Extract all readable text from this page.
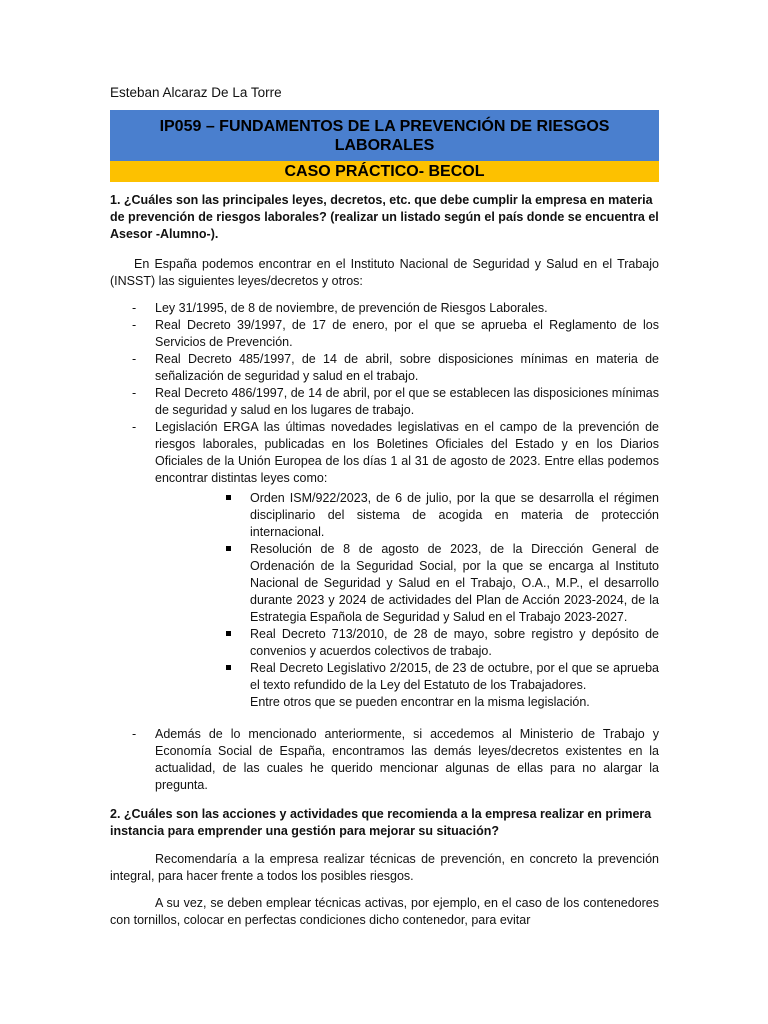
Esteban Alcaraz De La Torre
IP059 – FUNDAMENTOS DE LA PREVENCIÓN DE RIESGOS LABORALES
CASO PRÁCTICO- BECOL

1. ¿Cuáles son las principales leyes, decretos, etc. que debe cumplir la empresa en materia de prevención de riesgos laborales? (realizar un listado según el país donde se encuentra el Asesor -Alumno-).

En España podemos encontrar en el Instituto Nacional de Seguridad y Salud en el Trabajo (INSST) las siguientes leyes/decretos y otros:

- Ley 31/1995, de 8 de noviembre, de prevención de Riesgos Laborales.
- Real Decreto 39/1997, de 17 de enero, por el que se aprueba el Reglamento de los Servicios de Prevención.
- Real Decreto 485/1997, de 14 de abril, sobre disposiciones mínimas en materia de señalización de seguridad y salud en el trabajo.
- Real Decreto 486/1997, de 14 de abril, por el que se establecen las disposiciones mínimas de seguridad y salud en los lugares de trabajo.
- Legislación ERGA las últimas novedades legislativas en el campo de la prevención de riesgos laborales, publicadas en los Boletines Oficiales del Estado y en los Diarios Oficiales de la Unión Europea de los días 1 al 31 de agosto de 2023. Entre ellas podemos encontrar distintas leyes como:
Orden ISM/922/2023, de 6 de julio, por la que se desarrolla el régimen disciplinario del sistema de acogida en materia de protección internacional.
Resolución de 8 de agosto de 2023, de la Dirección General de Ordenación de la Seguridad Social, por la que se encarga al Instituto Nacional de Seguridad y Salud en el Trabajo, O.A., M.P., el desarrollo durante 2023 y 2024 de actividades del Plan de Acción 2023-2024, de la Estrategia Española de Seguridad y Salud en el Trabajo 2023-2027.
Real Decreto 713/2010, de 28 de mayo, sobre registro y depósito de convenios y acuerdos colectivos de trabajo.
Real Decreto Legislativo 2/2015, de 23 de octubre, por el que se aprueba el texto refundido de la Ley del Estatuto de los Trabajadores.

Entre otros que se pueden encontrar en la misma legislación.

- Además de lo mencionado anteriormente, si accedemos al Ministerio de Trabajo y Economía Social de España, encontramos las demás leyes/decretos existentes en la actualidad, de las cuales he querido mencionar algunas de ellas para no alargar la pregunta.

2. ¿Cuáles son las acciones y actividades que recomienda a la empresa realizar en primera instancia para emprender una gestión para mejorar su situación?

Recomendaría a la empresa realizar técnicas de prevención, en concreto la prevención integral, para hacer frente a todos los posibles riesgos.

A su vez, se deben emplear técnicas activas, por ejemplo, en el caso de los contenedores con tornillos, colocar en perfectas condiciones dicho contenedor, para evitar
